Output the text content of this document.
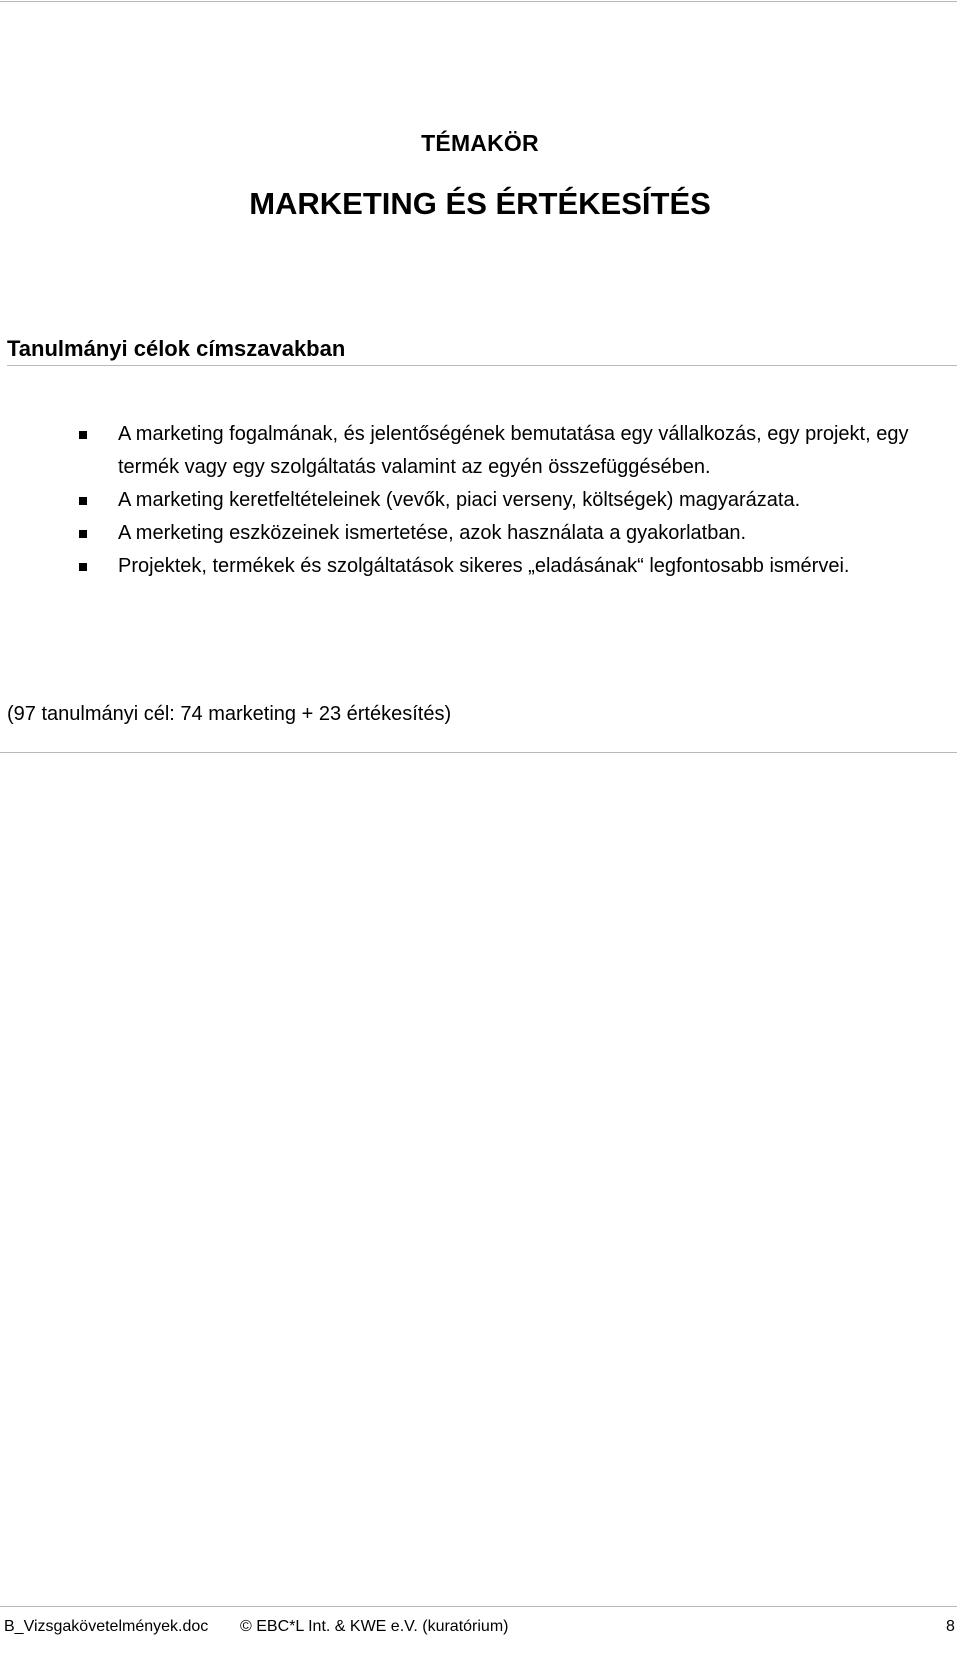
TÉMAKÖR
MARKETING ÉS ÉRTÉKESÍTÉS
Tanulmányi célok címszavakban
A marketing fogalmának, és jelentőségének bemutatása egy vállalkozás, egy projekt, egy termék vagy egy szolgáltatás valamint az egyén összefüggésében.
A marketing keretfeltételeinek (vevők, piaci verseny, költségek) magyarázata.
A merketing eszközeinek ismertetése, azok használata a gyakorlatban.
Projektek, termékek és szolgáltatások sikeres „eladásának“ legfontosabb ismérvei.
(97 tanulmányi cél: 74 marketing + 23 értékesítés)
B_Vizsgakövetelmények.doc © EBC*L Int. & KWE e.V. (kuratórium)	8
